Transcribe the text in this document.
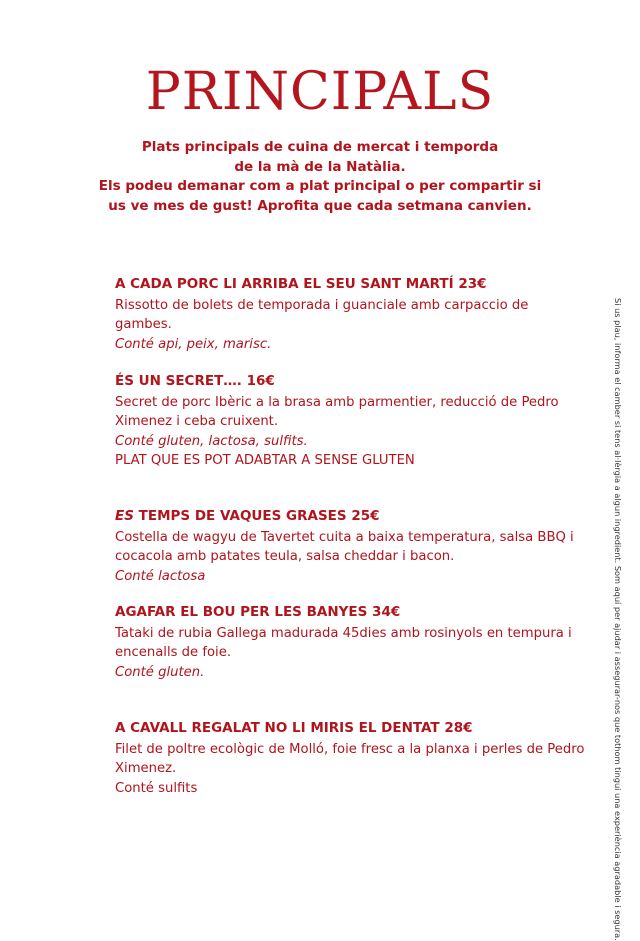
PRINCIPALS
Plats principals de cuina de mercat i temporda
de la mà de la Natàlia.
Els podeu demanar com a plat principal o per compartir si
us ve mes de gust! Aprofita que cada setmana canvien.
A CADA PORC LI ARRIBA EL SEU SANT MARTÍ 23€
Rissotto de bolets de temporada i guanciale amb carpaccio de gambes.
Conté api, peix, marisc.
ÉS UN SECRET…. 16€
Secret de porc Ibèric a la brasa amb parmentier, reducció de Pedro Ximenez i ceba cruixent.
Conté gluten, lactosa, sulfits.
PLAT QUE ES POT ADABTAR A SENSE GLUTEN
ES TEMPS DE VAQUES GRASES 25€
Costella de wagyu de Tavertet cuita a baixa temperatura, salsa BBQ i cocacola amb patates teula, salsa cheddar i bacon.
Conté lactosa
AGAFAR EL BOU PER LES BANYES 34€
Tataki de rubia Gallega madurada 45dies amb rosinyols en tempura i encenalls de foie.
Conté gluten.
A CAVALL REGALAT NO LI MIRIS EL DENTAT 28€
Filet de poltre ecològic de Molló, foie fresc a la planxa i perles de Pedro Ximenez.
Conté sulfits	Si us plau, informa el camber si tens al·lèrgia a algun ingredient. Som aquí per ajudar i assegurar-nos que tothom tingui una experiència agradable i segura.
